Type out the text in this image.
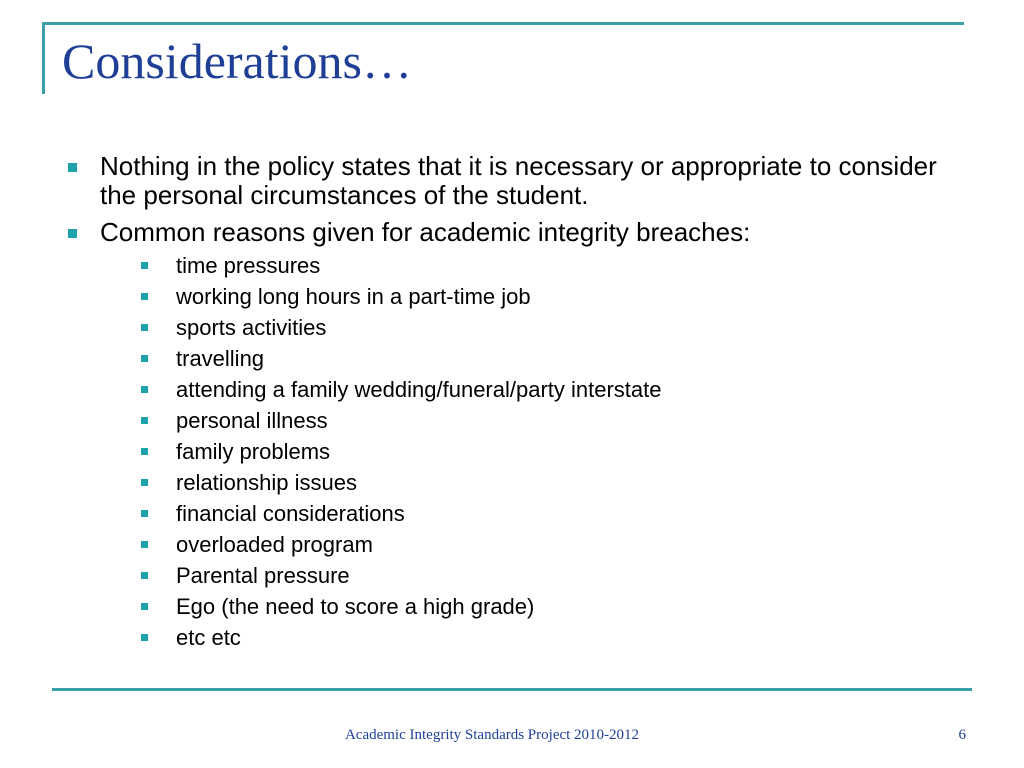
Considerations…
Nothing in the policy states that it is necessary or appropriate to consider the personal circumstances of the student.
Common reasons given for academic integrity breaches:
time pressures
working long hours in a part-time job
sports activities
travelling
attending a family wedding/funeral/party interstate
personal illness
family problems
relationship issues
financial considerations
overloaded program
Parental pressure
Ego (the need to score a high grade)
etc etc
Academic Integrity Standards Project 2010-2012	6
